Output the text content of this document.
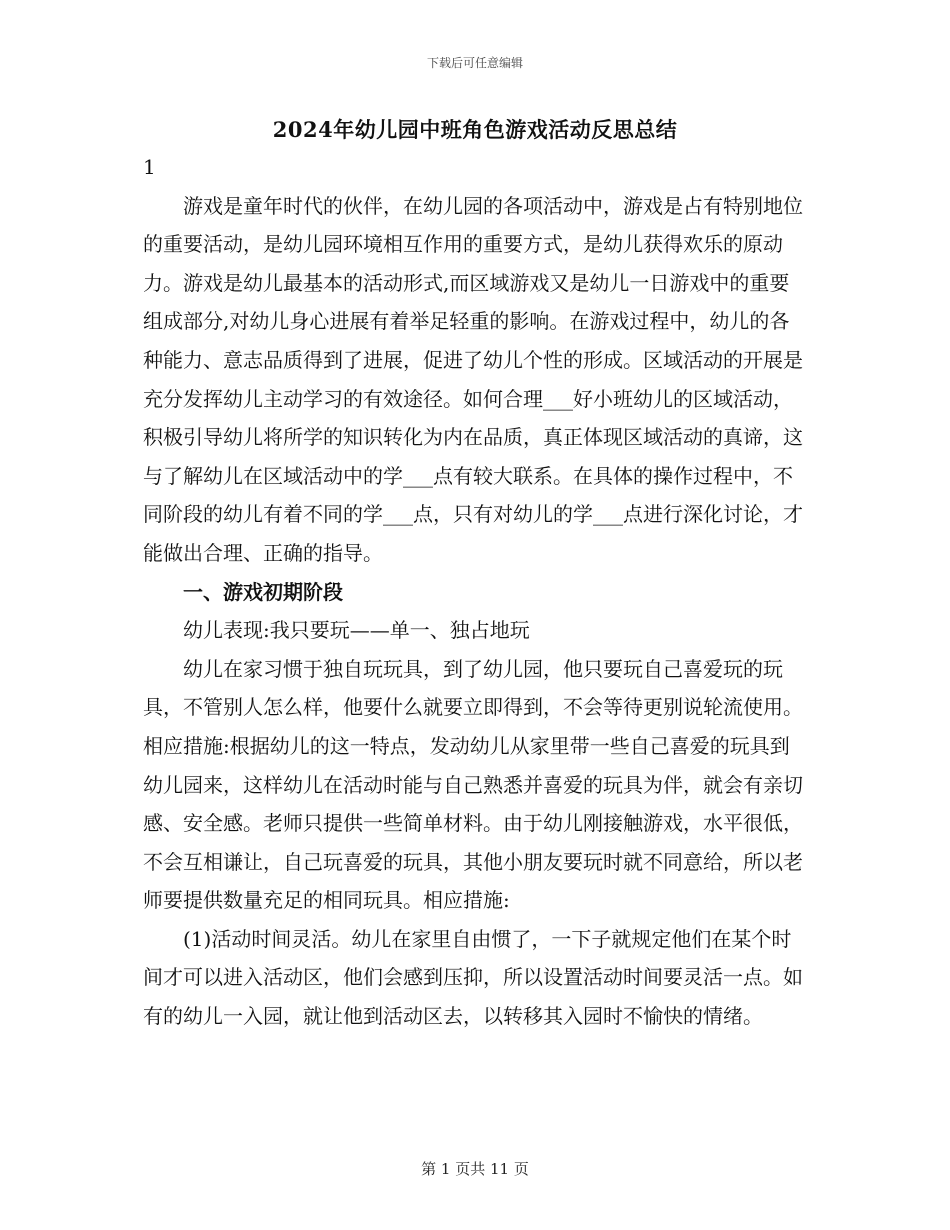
下载后可任意编辑
2024年幼儿园中班角色游戏活动反思总结

1

游戏是童年时代的伙伴，在幼儿园的各项活动中，游戏是占有特别地位的重要活动，是幼儿园环境相互作用的重要方式，是幼儿获得欢乐的原动力。游戏是幼儿最基本的活动形式,而区域游戏又是幼儿一日游戏中的重要组成部分,对幼儿身心进展有着举足轻重的影响。在游戏过程中，幼儿的各种能力、意志品质得到了进展，促进了幼儿个性的形成。区域活动的开展是充分发挥幼儿主动学习的有效途径。如何合理___好小班幼儿的区域活动，积极引导幼儿将所学的知识转化为内在品质，真正体现区域活动的真谛，这与了解幼儿在区域活动中的学___点有较大联系。在具体的操作过程中，不同阶段的幼儿有着不同的学___点，只有对幼儿的学___点进行深化讨论，才能做出合理、正确的指导。

一、游戏初期阶段

幼儿表现:我只要玩——单一、独占地玩

幼儿在家习惯于独自玩玩具，到了幼儿园，他只要玩自己喜爱玩的玩具，不管别人怎么样，他要什么就要立即得到，不会等待更别说轮流使用。相应措施:根据幼儿的这一特点，发动幼儿从家里带一些自己喜爱的玩具到幼儿园来，这样幼儿在活动时能与自己熟悉并喜爱的玩具为伴，就会有亲切感、安全感。老师只提供一些简单材料。由于幼儿刚接触游戏，水平很低，不会互相谦让，自己玩喜爱的玩具，其他小朋友要玩时就不同意给，所以老师要提供数量充足的相同玩具。相应措施:

(1)活动时间灵活。幼儿在家里自由惯了，一下子就规定他们在某个时间才可以进入活动区，他们会感到压抑，所以设置活动时间要灵活一点。如有的幼儿一入园，就让他到活动区去，以转移其入园时不愉快的情绪。

第 1 页共 11 页
